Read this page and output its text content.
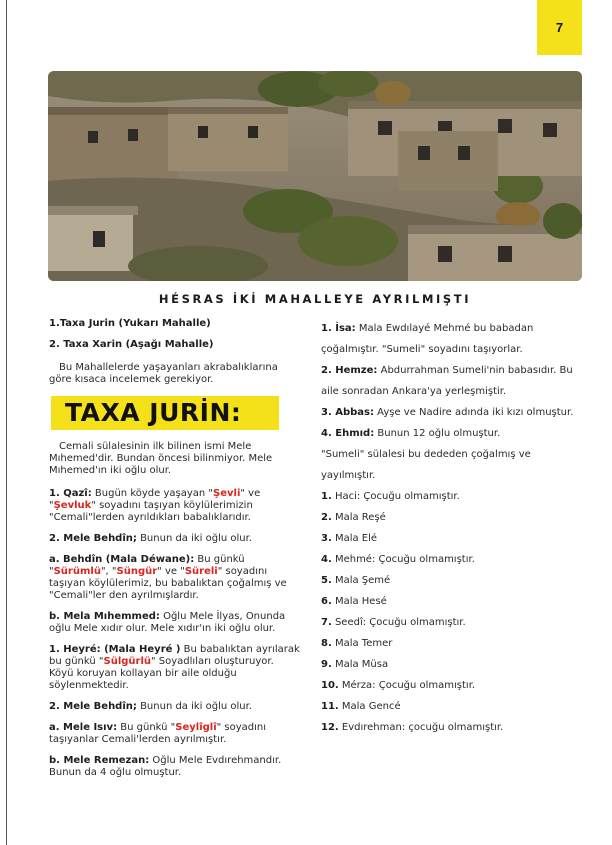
7
HÉSRAS İKİ MAHALLEYE AYRILMIŞTI

1.Taxa Jurin (Yukarı Mahalle)

2. Taxa Xarin (Aşağı Mahalle)

Bu Mahallelerde yaşayanları akrabalıklarına göre kısaca incelemek gerekiyor.

TAXA JURİN:

Cemali sülalesinin ilk bilinen ismi Mele Mıhemed'dir. Bundan öncesi bilinmiyor. Mele Mıhemed'ın iki oğlu olur.

1. Qazî: Bugün köyde yaşayan "Şevli" ve "Şevluk" soyadını taşıyan köylülerimizin "Cemali"lerden ayrıldıkları babalıklarıdır.

2. Mele Behdîn; Bunun da iki oğlu olur.

a. Behdîn (Mala Déwane): Bu günkü "Sürümlü", "Süngür" ve "Süreli" soyadını taşıyan köylülerimiz, bu babalıktan çoğalmış ve "Cemali"ler den ayrılmışlardır.

b. Mela Mıhemmed: Oğlu Mele İlyas, Onunda oğlu Mele xıdır olur. Mele xıdır'ın iki oğlu olur.

1. Heyré: (Mala Heyré ) Bu babalıktan ayrılarak bu günkü "Sülgürlü" Soyadlıları oluşturuyor. Köyü koruyan kollayan bir aile olduğu söylenmektedir.

2. Mele Behdîn; Bunun da iki oğlu olur.

a. Mele Isıv: Bu günkü "Seylîglî" soyadını taşıyanlar Cemali'lerden ayrılmıştır.

b. Mele Remezan: Oğlu Mele Evdırehmandır. Bunun da 4 oğlu olmuştur.

1. İsa: Mala Ewdılayé Mehmé bu babadan çoğalmıştır. "Sumeli" soyadını taşıyorlar.

2. Hemze: Abdurrahman Sumeli'nin babasıdır. Bu aile sonradan Ankara'ya yerleşmiştir.

3. Abbas: Ayşe ve Nadire adında iki kızı olmuştur.

4. Ehmıd: Bunun 12 oğlu olmuştur.

"Sumeli" sülalesi bu dededen çoğalmış ve yayılmıştır.

1. Haci: Çocuğu olmamıştır.

2. Mala Reşé

3. Mala Elé

4. Mehmé: Çocuğu olmamıştır.

5. Mala Şemé

6. Mala Hesé

7. Seedî: Çocuğu olmamıştır.

8. Mala Temer

9. Mala Müsa

10. Mérza: Çocuğu olmamıştır.

11. Mala Gencé

12. Evdırehman: çocuğu olmamıştır.
